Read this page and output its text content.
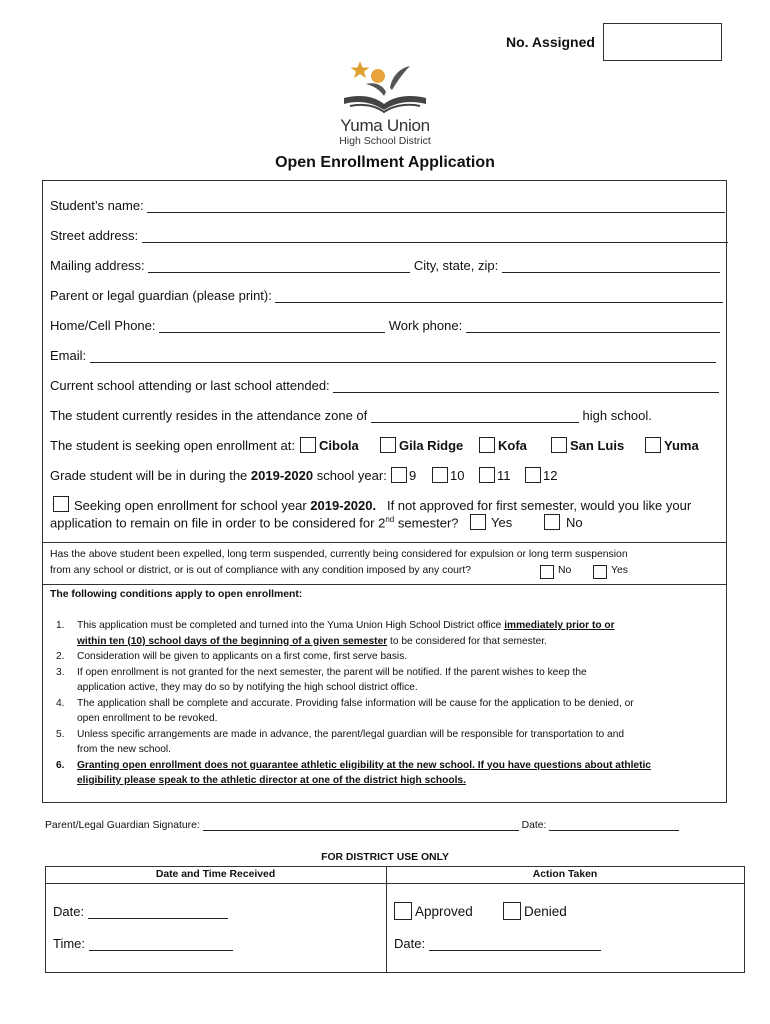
No. Assigned
Yuma Union
High School District
Open Enrollment Application
Student’s name:
Street address:
Mailing address:	City, state, zip:
Parent or legal guardian (please print):
Home/Cell Phone:	Work phone:
Email:
Current school attending or last school attended:
The student currently resides in the attendance zone of	high school.
The student is seeking open enrollment at: Cibola	Gila Ridge	Kofa	San Luis	Yuma
Grade student will be in during the 2019-2020 school year: 9	10	11	12
Seeking open enrollment for school year 2019-2020. If not approved for first semester, would you like your
application to remain on file in order to be considered for 2nd semester? Yes	No
Has the above student been expelled, long term suspended, currently being considered for expulsion or long term suspension
from any school or district, or is out of compliance with any condition imposed by any court?	No	Yes
The following conditions apply to open enrollment:
1. This application must be completed and turned into the Yuma Union High School District office immediately prior to or
within ten (10) school days of the beginning of a given semester to be considered for that semester.
2. Consideration will be given to applicants on a first come, first serve basis.
3. If open enrollment is not granted for the next semester, the parent will be notified. If the parent wishes to keep the
application active, they may do so by notifying the high school district office.
4. The application shall be complete and accurate. Providing false information will be cause for the application to be denied, or
open enrollment to be revoked.
5. Unless specific arrangements are made in advance, the parent/legal guardian will be responsible for transportation to and
from the new school.
6. Granting open enrollment does not guarantee athletic eligibility at the new school. If you have questions about athletic
eligibility please speak to the athletic director at one of the district high schools.
Parent/Legal Guardian Signature:	Date:
FOR DISTRICT USE ONLY
Date and Time Received	Action Taken
Date:
Time:
Approved	Denied
Date:
